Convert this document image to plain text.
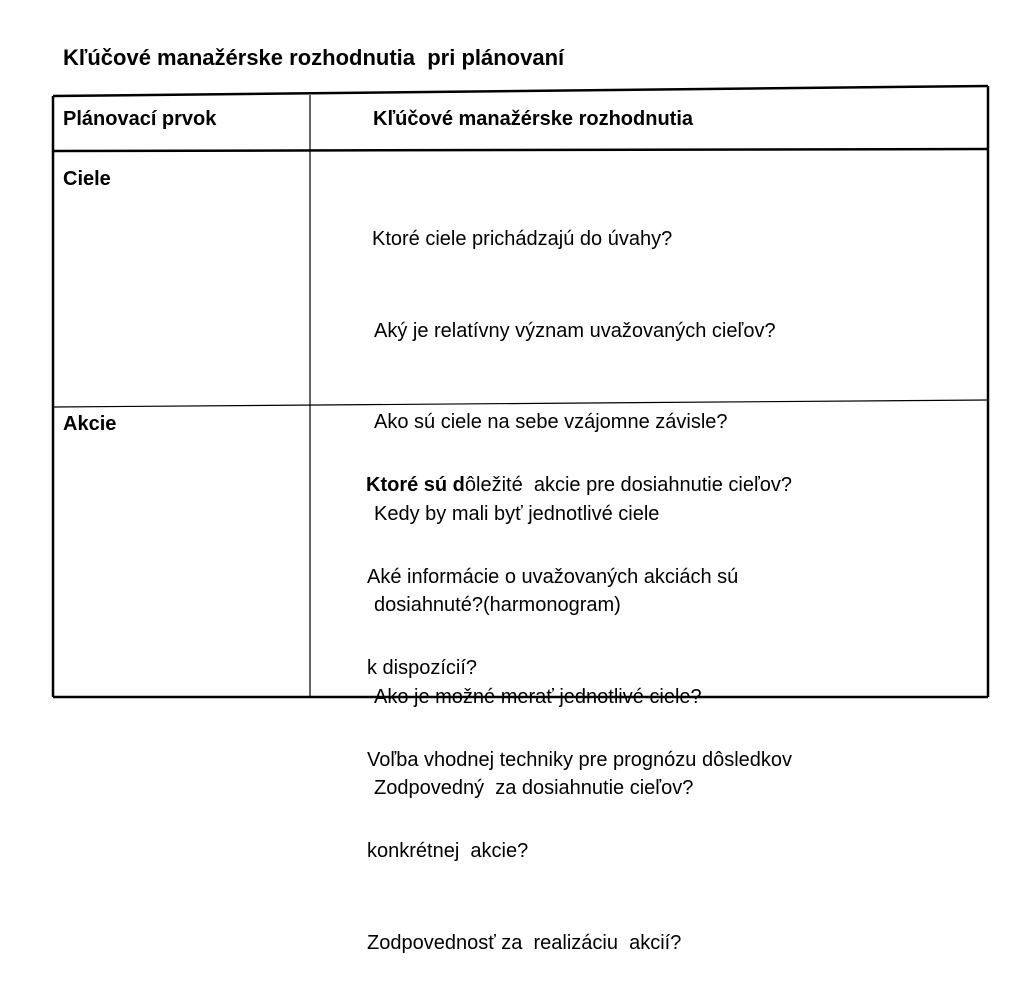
Kľúčové manažérske rozhodnutia  pri plánovaní
Plánovací prvok	Kľúčové manažérske rozhodnutia
Ciele

Ktoré ciele prichádzajú do úvahy?

Aký je relatívny význam uvažovaných cieľov?

Ako sú ciele na sebe vzájomne závisle?

Kedy by mali byť jednotlivé ciele

dosiahnuté?(harmonogram)

Ako je možné merať jednotlivé ciele?

Zodpovedný  za dosiahnutie cieľov?

Akcie

Ktoré sú dôležité  akcie pre dosiahnutie cieľov?

Aké informácie o uvažovaných akciách sú

k dispozícií?

Voľba vhodnej techniky pre prognózu dôsledkov

konkrétnej  akcie?

Zodpovednosť za  realizáciu  akcií?
